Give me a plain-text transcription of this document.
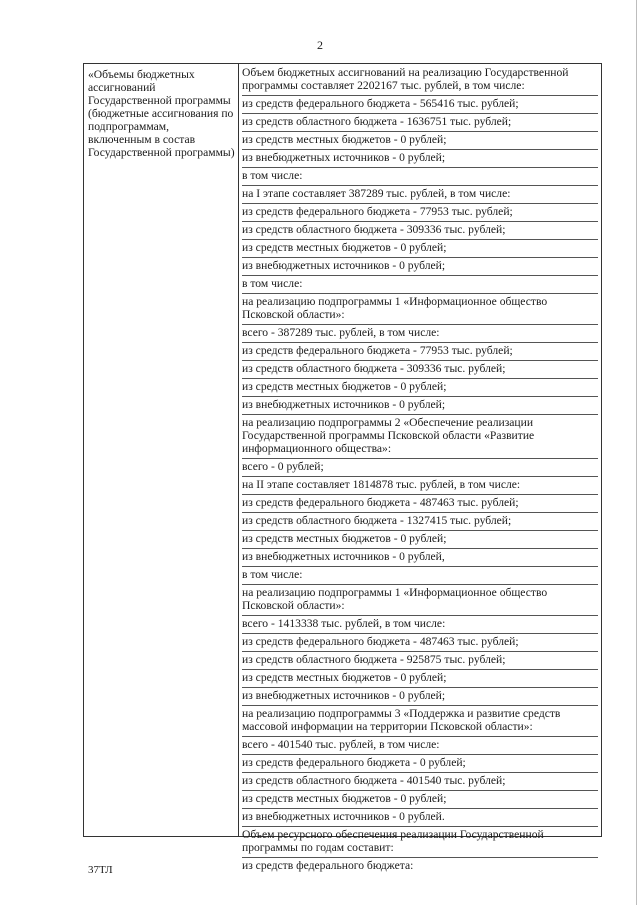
2
«Объемы бюджетных ассигнований Государственной программы (бюджетные ассигнования по подпрограммам, включенным в состав Государственной программы)
Объем бюджетных ассигнований на реализацию Государственной программы составляет 2202167 тыс. рублей, в том числе:
из средств федерального бюджета - 565416 тыс. рублей;
из средств областного бюджета - 1636751 тыс. рублей;
из средств местных бюджетов - 0 рублей;
из внебюджетных источников - 0 рублей;
в том числе:
на I этапе составляет 387289 тыс. рублей, в том числе:
из средств федерального бюджета - 77953 тыс. рублей;
из средств областного бюджета - 309336 тыс. рублей;
из средств местных бюджетов - 0 рублей;
из внебюджетных источников - 0 рублей;
в том числе:
на реализацию подпрограммы 1 «Информационное общество Псковской области»:
всего - 387289 тыс. рублей, в том числе:
из средств федерального бюджета - 77953 тыс. рублей;
из средств областного бюджета - 309336 тыс. рублей;
из средств местных бюджетов - 0 рублей;
из внебюджетных источников - 0 рублей;
на реализацию подпрограммы 2 «Обеспечение реализации Государственной программы Псковской области «Развитие информационного общества»:
всего - 0 рублей;
на II этапе составляет 1814878 тыс. рублей, в том числе:
из средств федерального бюджета - 487463 тыс. рублей;
из средств областного бюджета - 1327415 тыс. рублей;
из средств местных бюджетов - 0 рублей;
из внебюджетных источников - 0 рублей,
в том числе:
на реализацию подпрограммы 1 «Информационное общество Псковской области»:
всего - 1413338 тыс. рублей, в том числе:
из средств федерального бюджета - 487463 тыс. рублей;
из средств областного бюджета - 925875 тыс. рублей;
из средств местных бюджетов - 0 рублей;
из внебюджетных источников - 0 рублей;
на реализацию подпрограммы 3 «Поддержка и развитие средств массовой информации на территории Псковской области»:
всего - 401540 тыс. рублей, в том числе:
из средств федерального бюджета - 0 рублей;
из средств областного бюджета - 401540 тыс. рублей;
из средств местных бюджетов - 0 рублей;
из внебюджетных источников - 0 рублей.
Объем ресурсного обеспечения реализации Государственной программы по годам составит:
из средств федерального бюджета:
37ТЛ
